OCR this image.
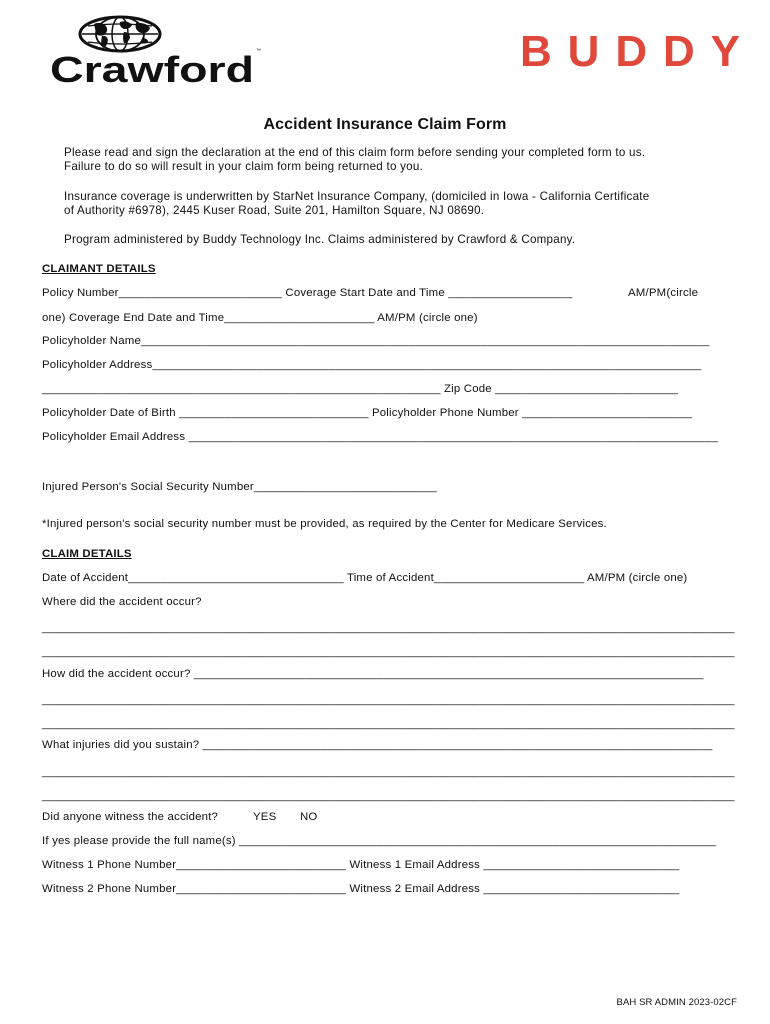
Crawford ™	BUDDY
Accident Insurance Claim Form
Please read and sign the declaration at the end of this claim form before sending your completed form to us.
Failure to do so will result in your claim form being returned to you.
Insurance coverage is underwritten by StarNet Insurance Company, (domiciled in Iowa - California Certificate
of Authority #6978), 2445 Kuser Road, Suite 201, Hamilton Square, NJ 08690.
Program administered by Buddy Technology Inc. Claims administered by Crawford & Company.
CLAIMANT DETAILS
Policy Number_________________________ Coverage Start Date and Time ___________________	AM/PM(circle
one) Coverage End Date and Time_______________________ AM/PM (circle one)
Policyholder Name_______________________________________________________________________________________
Policyholder Address____________________________________________________________________________________
_____________________________________________________________ Zip Code ____________________________
Policyholder Date of Birth _____________________________ Policyholder Phone Number __________________________
Policyholder Email Address _________________________________________________________________________________
Injured Person's Social Security Number____________________________
*Injured person's social security number must be provided, as required by the Center for Medicare Services.
CLAIM DETAILS
Date of Accident_________________________________ Time of Accident_______________________ AM/PM (circle one)
Where did the accident occur?
__________________________________________________________________________________________________________
__________________________________________________________________________________________________________
How did the accident occur? ______________________________________________________________________________
__________________________________________________________________________________________________________
__________________________________________________________________________________________________________
What injuries did you sustain? ______________________________________________________________________________
__________________________________________________________________________________________________________
__________________________________________________________________________________________________________
Did anyone witness the accident?	YES NO
If yes please provide the full name(s) _________________________________________________________________________
Witness 1 Phone Number__________________________ Witness 1 Email Address ______________________________
Witness 2 Phone Number__________________________ Witness 2 Email Address ______________________________
BAH SR ADMIN 2023-02CF
